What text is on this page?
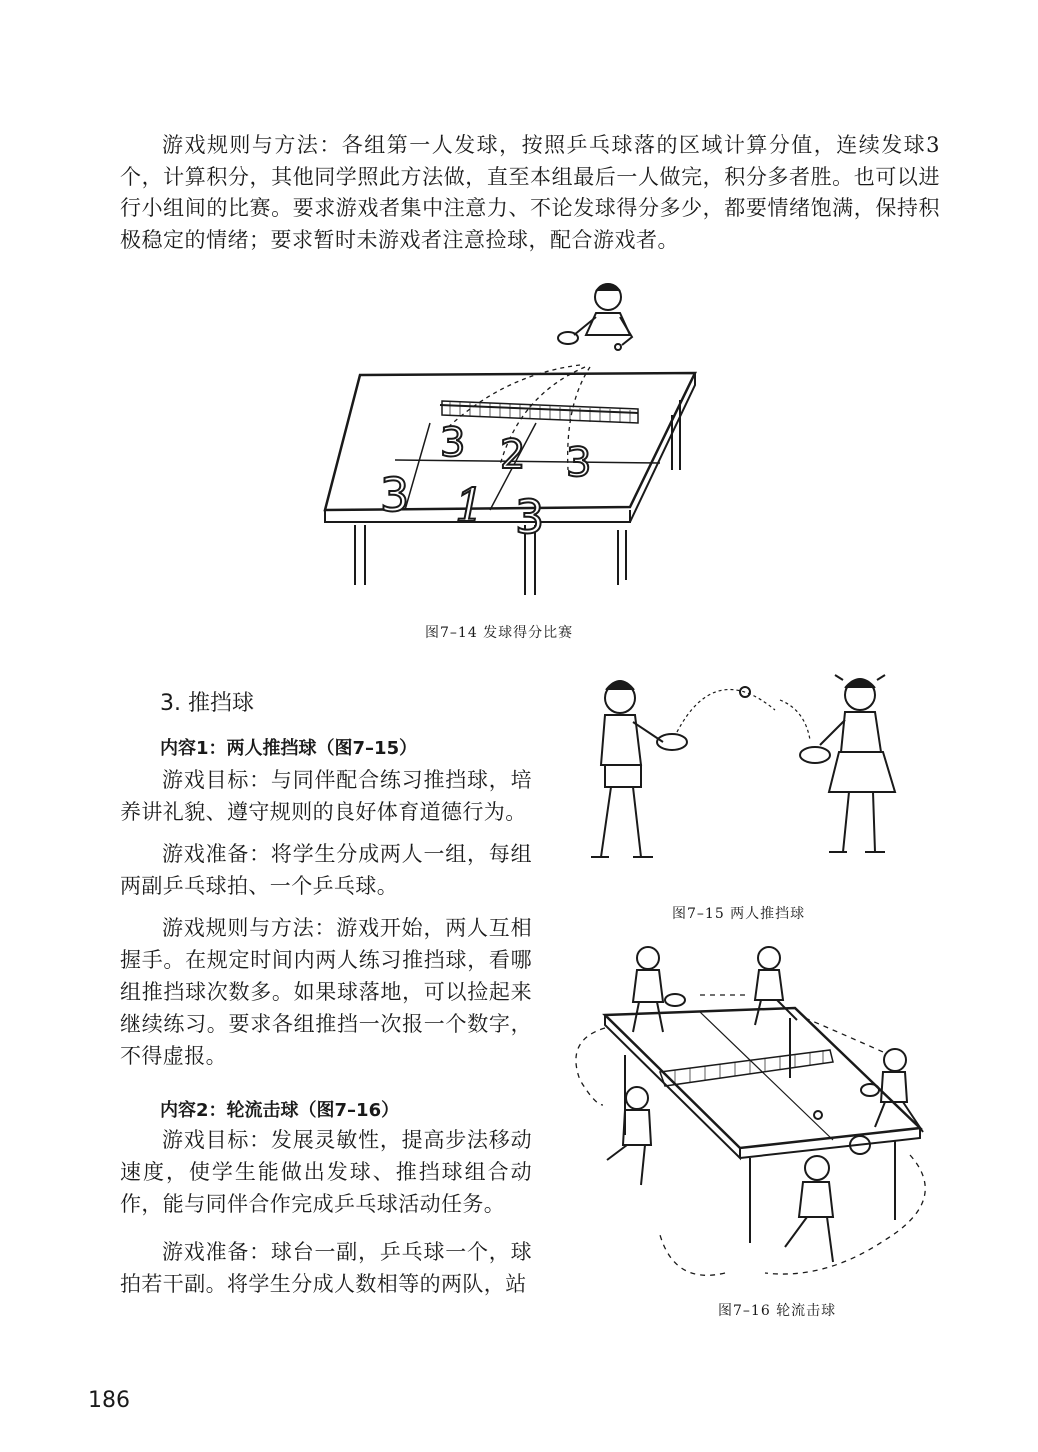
游戏规则与方法：各组第一人发球，按照乒乓球落的区域计算分值，连续发球3个，计算积分，其他同学照此方法做，直至本组最后一人做完，积分多者胜。也可以进行小组间的比赛。要求游戏者集中注意力、不论发球得分多少，都要情绪饱满，保持积极稳定的情绪；要求暂时未游戏者注意捡球，配合游戏者。

3 2 3
3 1 3
图7–14 发球得分比赛
3. 推挡球
内容1：两人推挡球（图7–15）

游戏目标：与同伴配合练习推挡球，培养讲礼貌、遵守规则的良好体育道德行为。

游戏准备：将学生分成两人一组，每组两副乒乓球拍、一个乒乓球。

游戏规则与方法：游戏开始，两人互相握手。在规定时间内两人练习推挡球，看哪组推挡球次数多。如果球落地，可以捡起来继续练习。要求各组推挡一次报一个数字，不得虚报。

内容2：轮流击球（图7–16）

游戏目标：发展灵敏性，提高步法移动速度，使学生能做出发球、推挡球组合动作，能与同伴合作完成乒乓球活动任务。

游戏准备：球台一副，乒乓球一个，球拍若干副。将学生分成人数相等的两队，站

图7–15 两人推挡球
图7–16 轮流击球
186
